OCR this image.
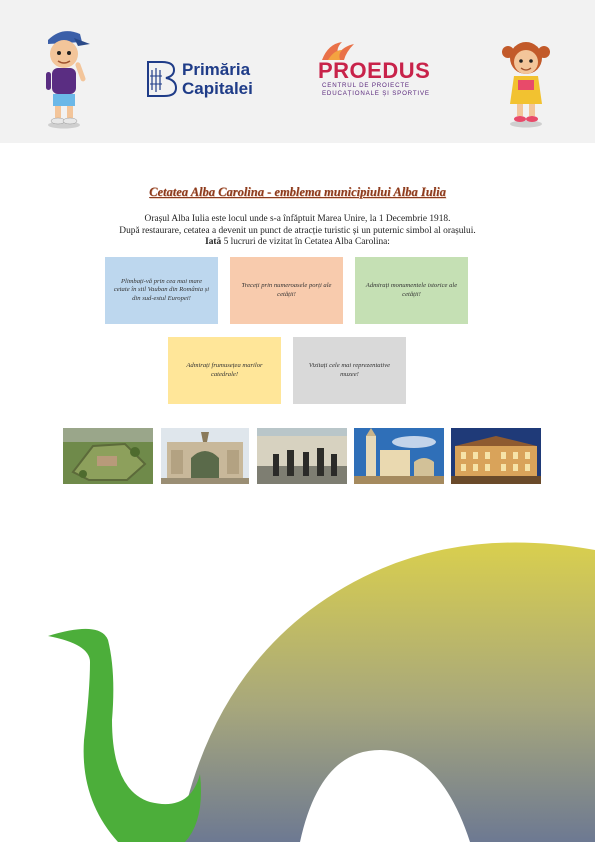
Primăria
Capitalei
PROEDUS
CENTRUL DE PROIECTE
EDUCAȚIONALE ȘI SPORTIVE
Cetatea Alba Carolina - emblema municipiului Alba Iulia
Orașul Alba Iulia este locul unde s-a înfăptuit Marea Unire, la 1 Decembrie 1918.
După restaurare, cetatea a devenit un punct de atracție turistic și un puternic simbol al orașului.
Iată 5 lucruri de vizitat în Cetatea Alba Carolina:
Plimbați-vă prin cea mai mare cetate în stil Vauban din România și din sud-estul Europei!
Treceți prin numeroasele porți ale cetății!
Admirați monumentele istorice ale cetății!
Admirați frumusețea marilor catedrale!
Vizitați cele mai reprezentative muzee!
